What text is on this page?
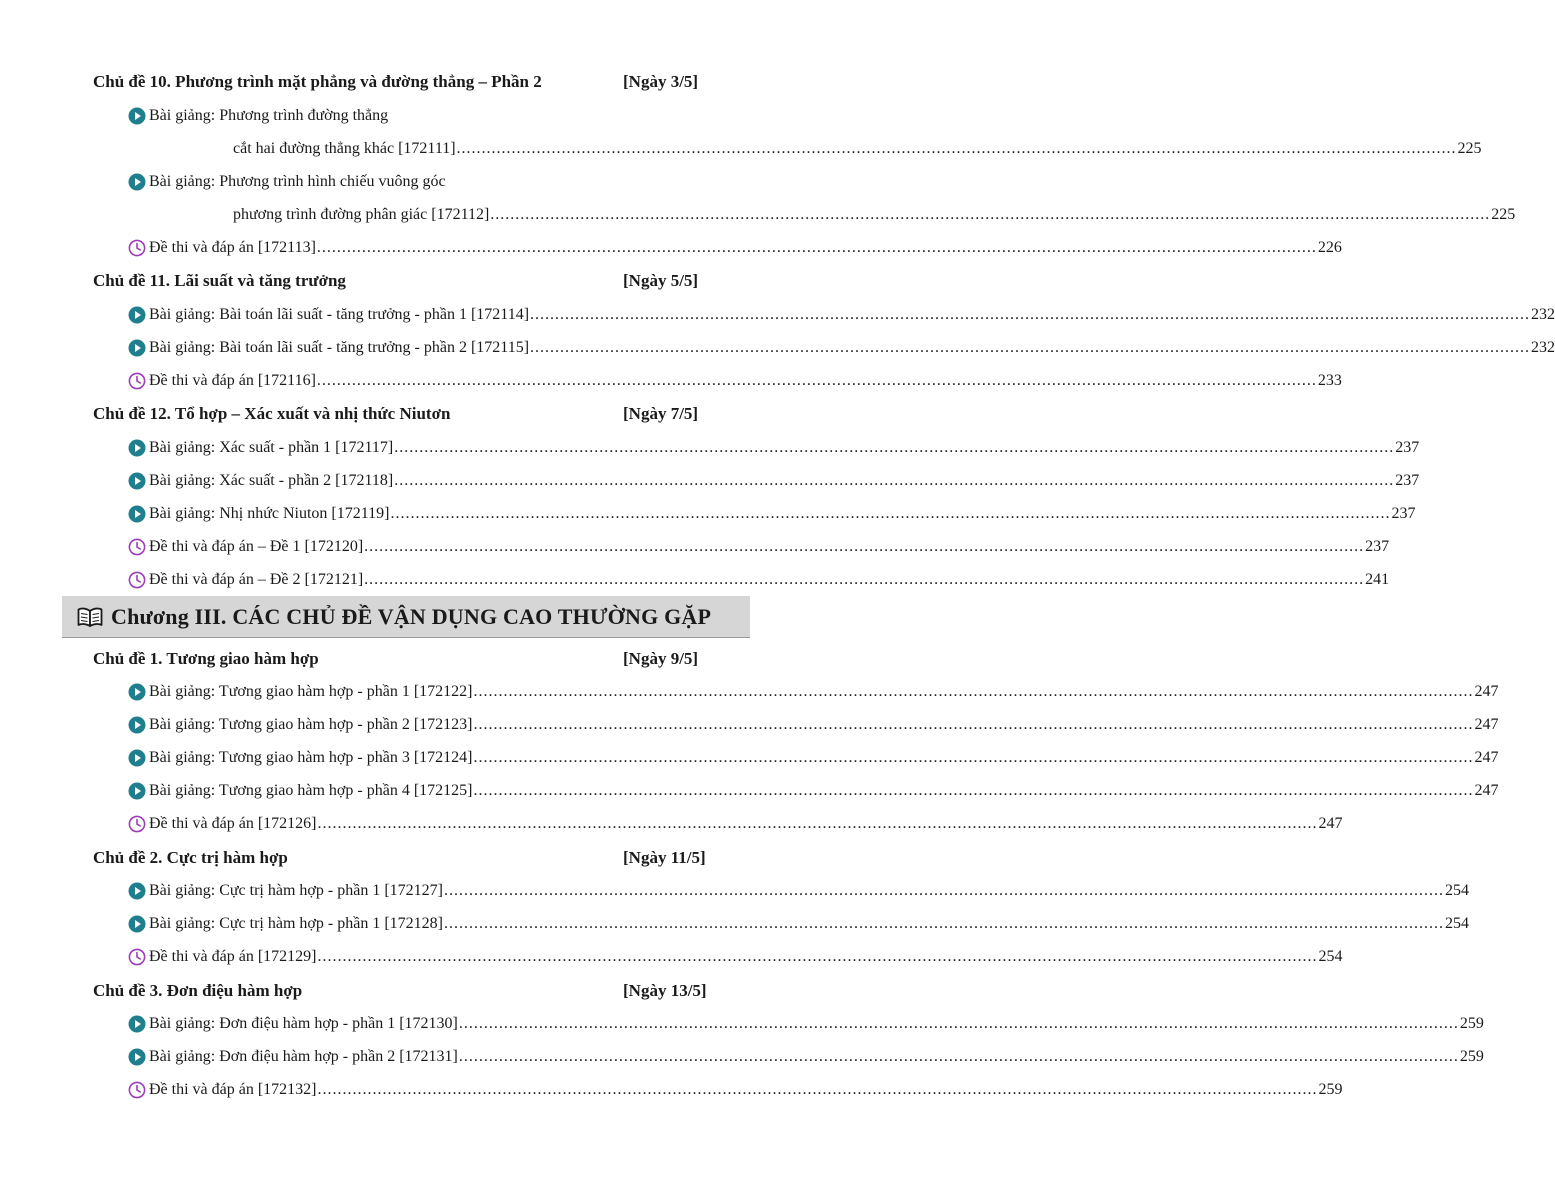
Chủ đề 10. Phương trình mặt phẳng và đường thẳng – Phần 2	[Ngày 3/5]
Bài giảng: Phương trình đường thẳng
cắt hai đường thẳng khác [172111] ........................................................................................................................................................................................................ 225
Bài giảng: Phương trình hình chiếu vuông góc
phương trình đường phân giác [172112] ........................................................................................................................................................................................................ 225
Đề thi và đáp án [172113] ........................................................................................................................................................................................................ 226
Chủ đề 11. Lãi suất và tăng trưởng	[Ngày 5/5]
Bài giảng: Bài toán lãi suất - tăng trưởng - phần 1 [172114] ........................................................................................................................................................................................................ 232
Bài giảng: Bài toán lãi suất - tăng trưởng - phần 2 [172115] ........................................................................................................................................................................................................ 232
Đề thi và đáp án [172116] ........................................................................................................................................................................................................ 233
Chủ đề 12. Tổ hợp – Xác xuất và nhị thức Niutơn	[Ngày 7/5]
Bài giảng: Xác suất - phần 1 [172117] ........................................................................................................................................................................................................ 237
Bài giảng: Xác suất - phần 2 [172118] ........................................................................................................................................................................................................ 237
Bài giảng: Nhị nhức Niuton [172119] ........................................................................................................................................................................................................ 237
Đề thi và đáp án – Đề 1 [172120] ........................................................................................................................................................................................................ 237
Đề thi và đáp án – Đề 2 [172121] ........................................................................................................................................................................................................ 241
Chương III. CÁC CHỦ ĐỀ VẬN DỤNG CAO THƯỜNG GẶP
Chủ đề 1. Tương giao hàm hợp	[Ngày 9/5]
Bài giảng: Tương giao hàm hợp - phần 1 [172122] ........................................................................................................................................................................................................ 247
Bài giảng: Tương giao hàm hợp - phần 2 [172123] ........................................................................................................................................................................................................ 247
Bài giảng: Tương giao hàm hợp - phần 3 [172124] ........................................................................................................................................................................................................ 247
Bài giảng: Tương giao hàm hợp - phần 4 [172125] ........................................................................................................................................................................................................ 247
Đề thi và đáp án [172126] ........................................................................................................................................................................................................ 247
Chủ đề 2. Cực trị hàm hợp	[Ngày 11/5]
Bài giảng: Cực trị hàm hợp - phần 1 [172127] ........................................................................................................................................................................................................ 254
Bài giảng: Cực trị hàm hợp - phần 1 [172128] ........................................................................................................................................................................................................ 254
Đề thi và đáp án [172129] ........................................................................................................................................................................................................ 254
Chủ đề 3. Đơn điệu hàm hợp	[Ngày 13/5]
Bài giảng: Đơn điệu hàm hợp - phần 1 [172130] ........................................................................................................................................................................................................ 259
Bài giảng: Đơn điệu hàm hợp - phần 2 [172131] ........................................................................................................................................................................................................ 259
Đề thi và đáp án [172132] ........................................................................................................................................................................................................ 259
